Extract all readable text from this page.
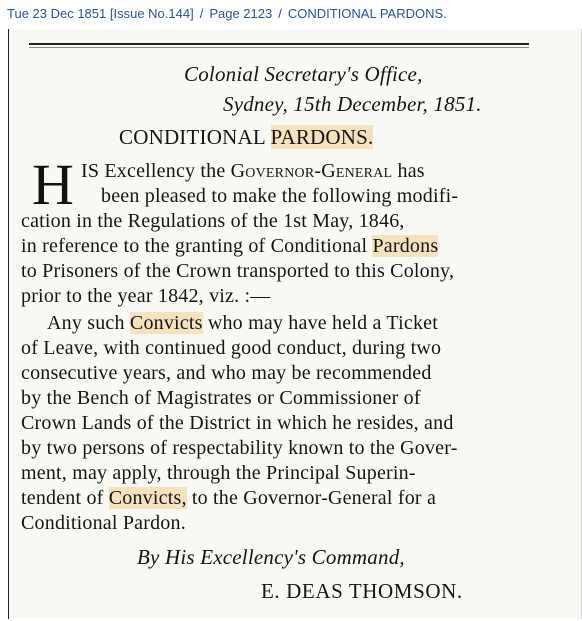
Tue 23 Dec 1851 [Issue No.144] / Page 2123 / CONDITIONAL PARDONS.
Colonial Secretary's Office,
Sydney, 15th December, 1851.
CONDITIONAL PARDONS.
H IS Excellency the Governor-General has
been pleased to make the following modifi-
cation in the Regulations of the 1st May, 1846,
in reference to the granting of Conditional Pardons
to Prisoners of the Crown transported to this Colony,
prior to the year 1842, viz. :—
Any such Convicts who may have held a Ticket
of Leave, with continued good conduct, during two
consecutive years, and who may be recommended
by the Bench of Magistrates or Commissioner of
Crown Lands of the District in which he resides, and
by two persons of respectability known to the Gover-
ment, may apply, through the Principal Superin-
tendent of Convicts, to the Governor-General for a
Conditional Pardon.
By His Excellency's Command,
E. DEAS THOMSON.
